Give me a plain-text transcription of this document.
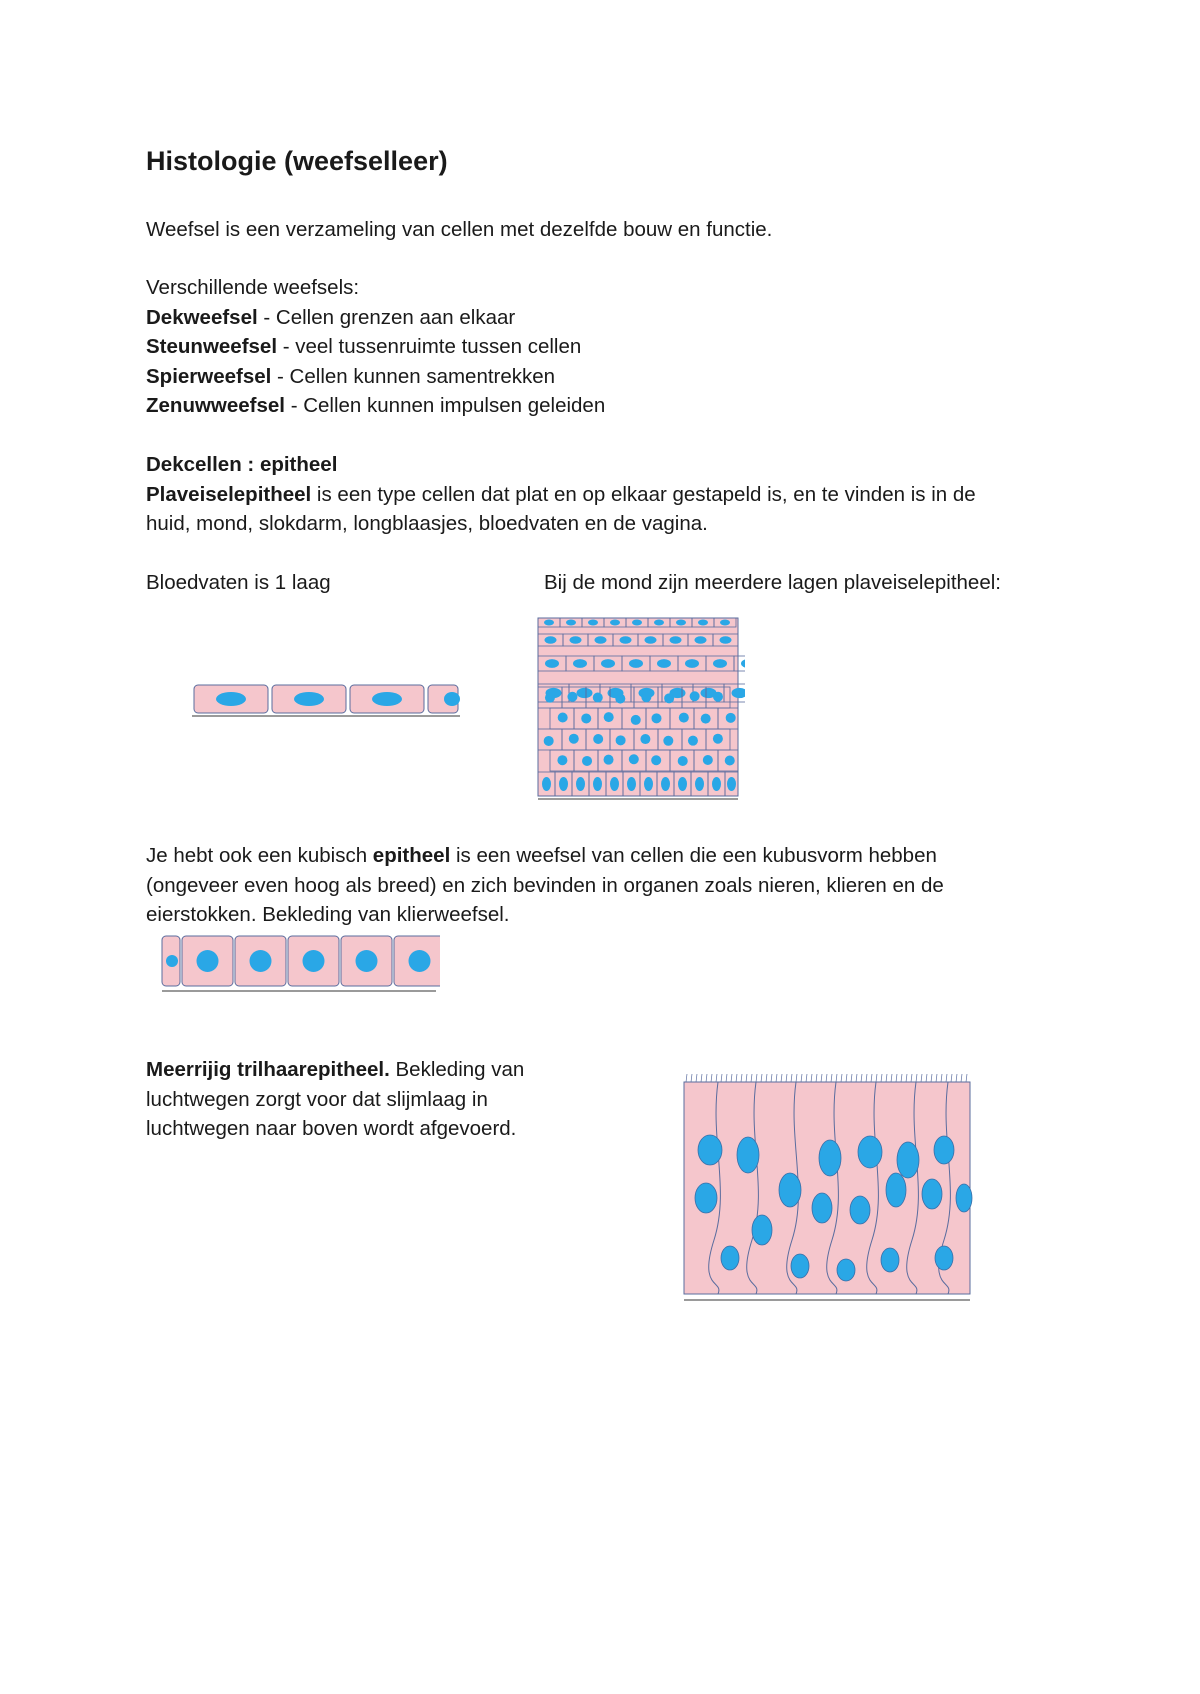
Histologie (weefselleer)

Weefsel is een verzameling van cellen met dezelfde bouw en functie.

Verschillende weefsels:
Dekweefsel - Cellen grenzen aan elkaar
Steunweefsel - veel tussenruimte tussen cellen
Spierweefsel - Cellen kunnen samentrekken
Zenuwweefsel - Cellen kunnen impulsen geleiden
Dekcellen : epitheel
Plaveiselepitheel is een type cellen dat plat en op elkaar gestapeld is, en te vinden is in de
huid, mond, slokdarm, longblaasjes, bloedvaten en de vagina.

Bloedvaten is 1 laag	Bij de mond zijn meerdere lagen plaveiselepitheel:

Je hebt ook een kubisch epitheel is een weefsel van cellen die een kubusvorm hebben
(ongeveer even hoog als breed) en zich bevinden in organen zoals nieren, klieren en de
eierstokken. Bekleding van klierweefsel.
Meerrijig trilhaarepitheel. Bekleding van
luchtwegen zorgt voor dat slijmlaag in
luchtwegen naar boven wordt afgevoerd.
